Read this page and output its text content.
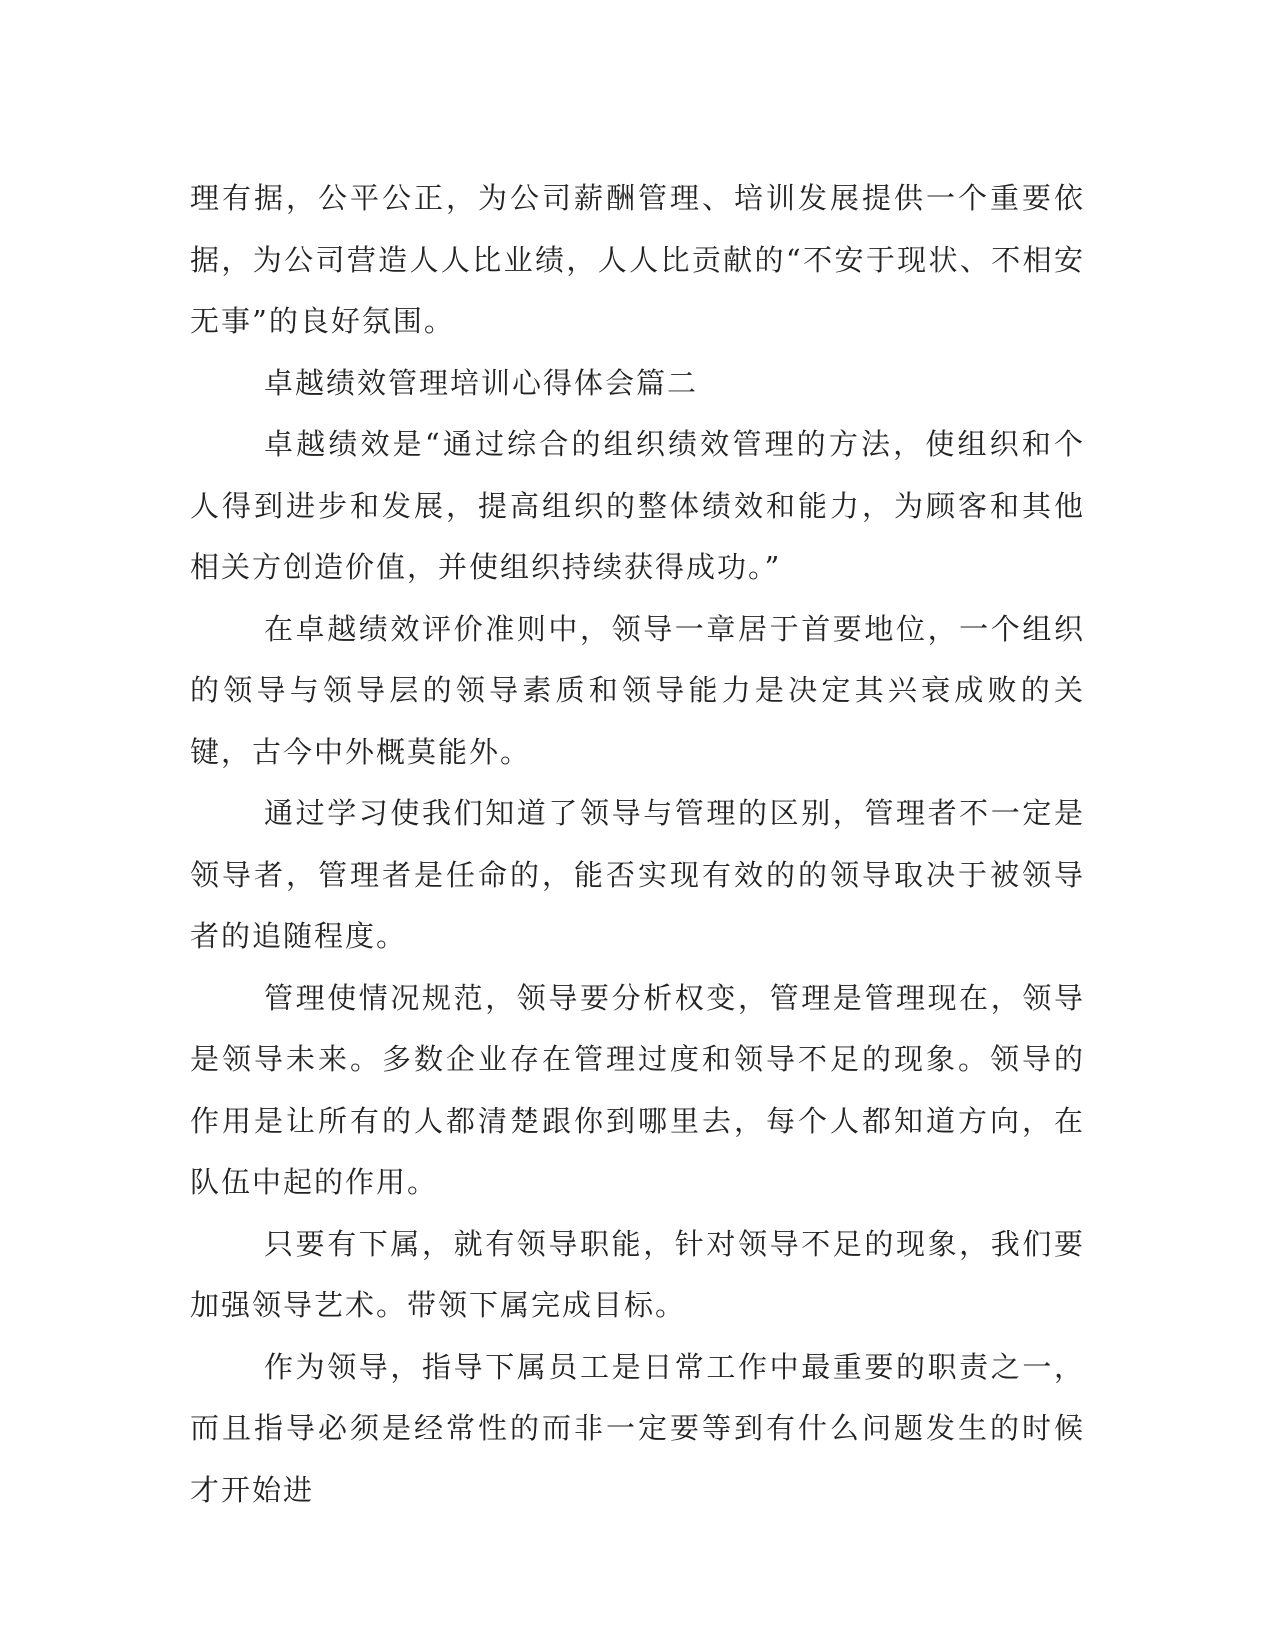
理有据，公平公正，为公司薪酬管理、培训发展提供一个重要依据，为公司营造人人比业绩，人人比贡献的“不安于现状、不相安无事”的良好氛围。

卓越绩效管理培训心得体会篇二

卓越绩效是“通过综合的组织绩效管理的方法，使组织和个人得到进步和发展，提高组织的整体绩效和能力，为顾客和其他相关方创造价值，并使组织持续获得成功。”

在卓越绩效评价准则中，领导一章居于首要地位，一个组织的领导与领导层的领导素质和领导能力是决定其兴衰成败的关键，古今中外概莫能外。

通过学习使我们知道了领导与管理的区别，管理者不一定是领导者，管理者是任命的，能否实现有效的的领导取决于被领导者的追随程度。

管理使情况规范，领导要分析权变，管理是管理现在，领导是领导未来。多数企业存在管理过度和领导不足的现象。领导的作用是让所有的人都清楚跟你到哪里去，每个人都知道方向，在队伍中起的作用。

只要有下属，就有领导职能，针对领导不足的现象，我们要加强领导艺术。带领下属完成目标。

作为领导，指导下属员工是日常工作中最重要的职责之一，而且指导必须是经常性的而非一定要等到有什么问题发生的时候才开始进
